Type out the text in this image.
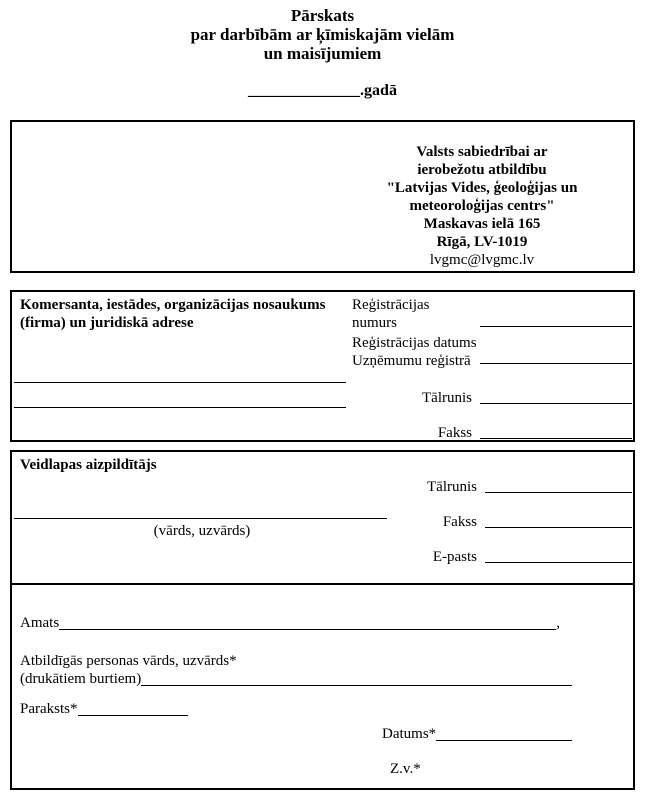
Pārskats
par darbībām ar ķīmiskajām vielām
un maisījumiem
______________.gadā
Valsts sabiedrībai ar
ierobežotu atbildību
"Latvijas Vides, ģeoloģijas un
meteoroloģijas centrs"
Maskavas ielā 165
Rīgā, LV-1019
lvgmc@lvgmc.lv
Komersanta, iestādes, organizācijas nosaukums
(firma) un juridiskā adrese
Reģistrācijas
numurs
Reģistrācijas datums
Uzņēmumu reģistrā
Tālrunis
Fakss
Veidlapas aizpildītājs
Tālrunis
(vārds, uzvārds)
Fakss
E-pasts
Amats	,
Atbildīgās personas vārds, uzvārds*
(drukātiem burtiem)
Paraksts*
Datums*
Z.v.*
